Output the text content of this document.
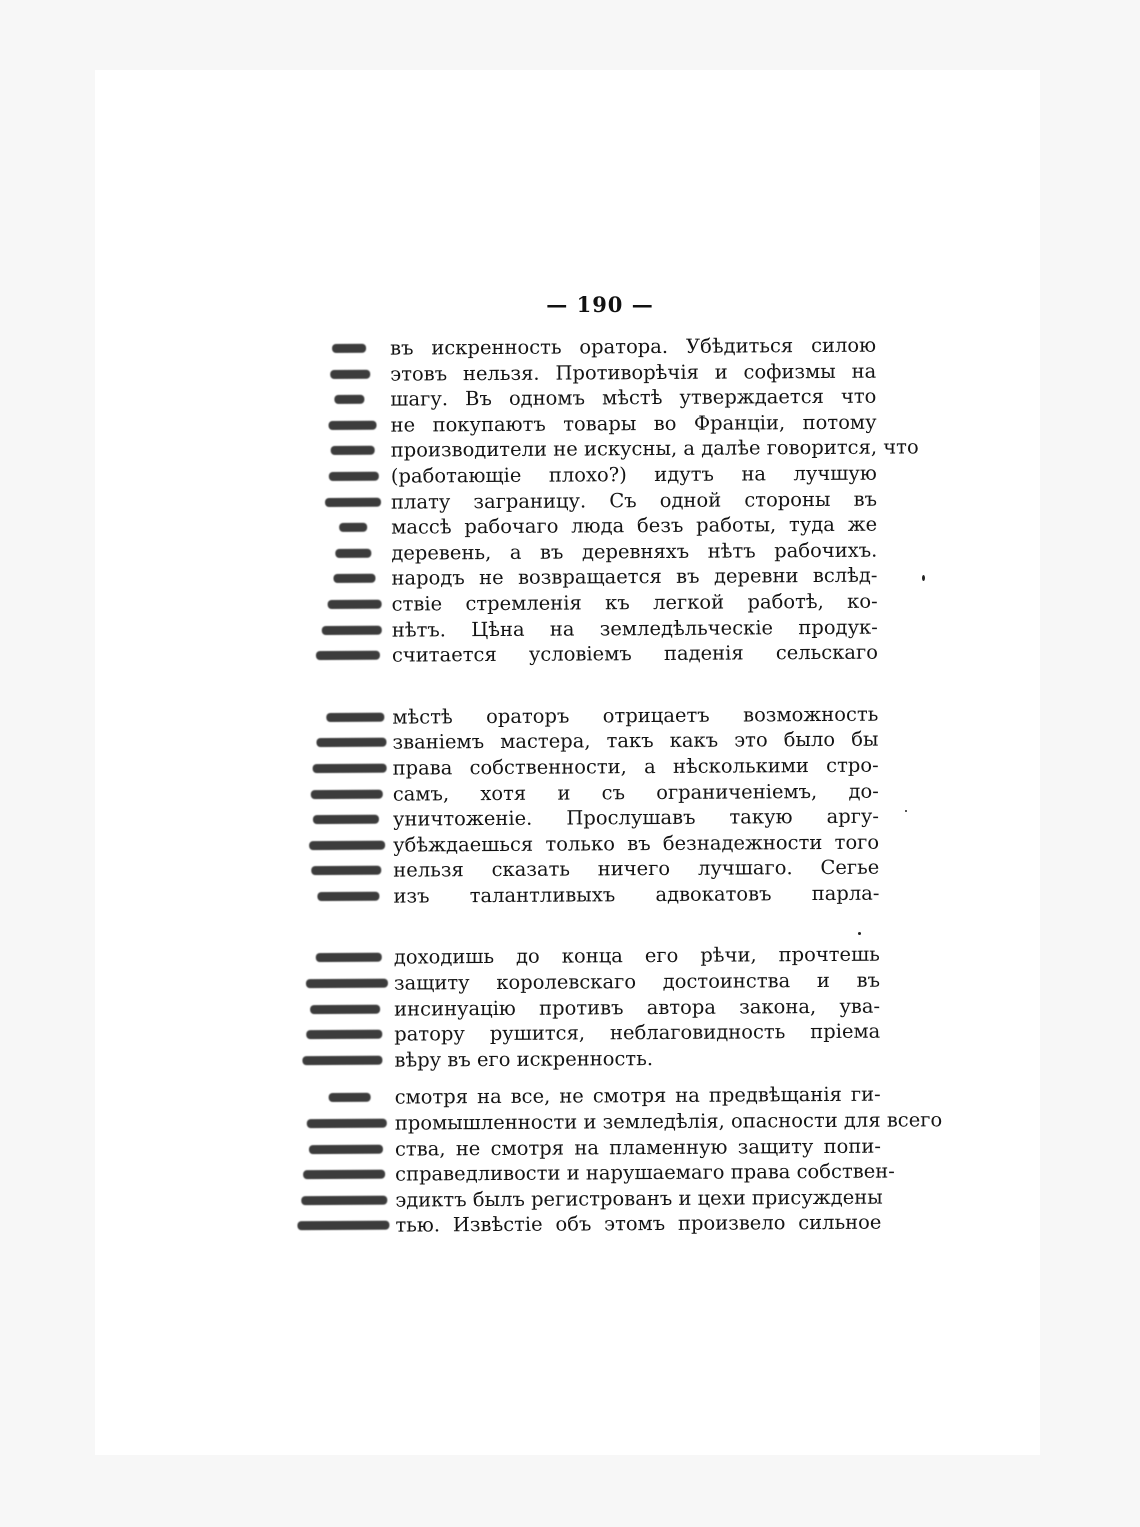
— 190 —
въ искренность оратора. Убѣдиться силою
этовъ нельзя. Противорѣчія и софизмы на
шагу. Въ одномъ мѣстѣ утверждается что
не покупаютъ товары во Франціи, потому
производители не искусны, а далѣе говорится, что
(работающіе плохо?) идутъ на лучшую
плату заграницу. Съ одной стороны въ
массѣ рабочаго люда безъ работы, туда же
деревень, а въ деревняхъ нѣтъ рабочихъ.
народъ не возвращается въ деревни вслѣд-
ствіе стремленія къ легкой работѣ, ко-
нѣтъ. Цѣна на земледѣльческіе продук-
считается условіемъ паденія сельскаго
мѣстѣ ораторъ отрицаетъ возможность
званіемъ мастера, такъ какъ это было бы
права собственности, а нѣсколькими стро-
самъ, хотя и съ ограниченіемъ, до-
уничтоженіе. Прослушавъ такую аргу-
убѣждаешься только въ безнадежности того
нельзя сказать ничего лучшаго. Сегье
изъ талантливыхъ адвокатовъ парла-
доходишь до конца его рѣчи, прочтешь
защиту королевскаго достоинства и въ
инсинуацію противъ автора закона, ува-
ратору рушится, неблаговидность пріема
вѣру въ его искренность.
смотря на все, не смотря на предвѣщанія ги-
промышленности и земледѣлія, опасности для всего
ства, не смотря на пламенную защиту попи-
справедливости и нарушаемаго права собствен-
эдиктъ былъ регистрованъ и цехи присуждены
тью. Извѣстіе объ этомъ произвело сильное
